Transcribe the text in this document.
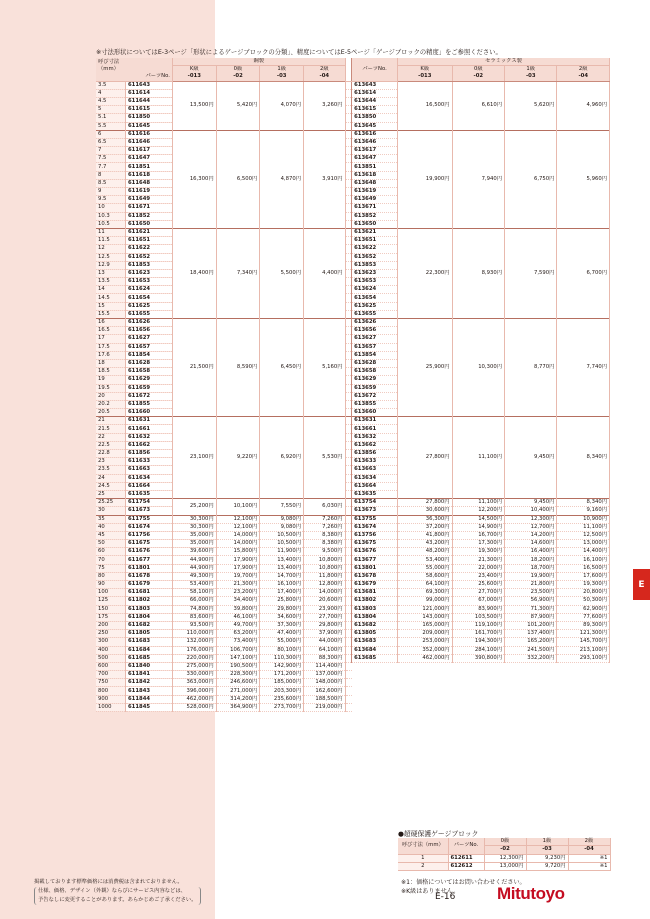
※寸法形状についてはE-3ページ「形状によるゲージブロックの分類」、精度についてはE-5ページ「ゲージブロックの精度」をご参照ください。
呼び寸法
（mm）
パーツNo.		鋼製					パーツNo.	セラミックス製			
		K級	0級	1級	2級			K級	0級	1級	2級
		-013	-02	-03	-04			-013	-02	-03	-04
3.5	611643	13,500円	5,420円	4,070円	3,260円		613643	16,500円	6,610円	5,620円	4,960円
4	611614						613614				
4.5	611644						613644				
5	611615						613615				
5.1	611850						613850				
5.5	611645						613645				
6	611616	16,300円	6,500円	4,870円	3,910円		613616	19,900円	7,940円	6,750円	5,960円
6.5	611646						613646				
7	611617						613617				
7.5	611647						613647				
7.7	611851						613851				
8	611618						613618				
8.5	611648						613648				
9	611619						613619				
9.5	611649						613649				
10	611671						613671				
10.3	611852						613852				
10.5	611650						613650				
11	611621	18,400円	7,340円	5,500円	4,400円		613621	22,300円	8,930円	7,590円	6,700円
11.5	611651						613651				
12	611622						613622				
12.5	611652						613652				
12.9	611853						613853				
13	611623						613623				
13.5	611653						613653				
14	611624						613624				
14.5	611654						613654				
15	611625						613625				
15.5	611655						613655				
16	611626	21,500円	8,590円	6,450円	5,160円		613626	25,900円	10,300円	8,770円	7,740円
16.5	611656						613656				
17	611627						613627				
17.5	611657						613657				
17.6	611854						613854				
18	611628						613628				
18.5	611658						613658				
19	611629						613629				
19.5	611659						613659				
20	611672						613672				
20.2	611855						613855				
20.5	611660						613660				
21	611631	23,100円	9,220円	6,920円	5,530円		613631	27,800円	11,100円	9,450円	8,340円
21.5	611661						613661				
22	611632						613632				
22.5	611662						613662				
22.8	611856						613856				
23	611633						613633				
23.5	611663						613663				
24	611634						613634				
24.5	611664						613664				
25	611635						613635				
25.25	611754	25,200円	10,100円	7,550円	6,030円		613754	27,800円	11,100円	9,450円	8,340円
30	611673						613673	30,600円	12,200円	10,400円	9,160円
35	611755	30,300円	12,100円	9,080円	7,260円		613755	36,300円	14,500円	12,300円	10,900円
40	611674	30,300円	12,100円	9,080円	7,260円		613674	37,200円	14,900円	12,700円	11,100円
45	611756	35,000円	14,000円	10,500円	8,380円		613756	41,800円	16,700円	14,200円	12,500円
50	611675	35,000円	14,000円	10,500円	8,380円		613675	43,200円	17,300円	14,600円	13,000円
60	611676	39,600円	15,800円	11,900円	9,500円		613676	48,200円	19,300円	16,400円	14,400円
70	611677	44,900円	17,900円	13,400円	10,800円		613677	53,400円	21,300円	18,200円	16,100円
75	611801	44,900円	17,900円	13,400円	10,800円		613801	55,000円	22,000円	18,700円	16,500円
80	611678	49,300円	19,700円	14,700円	11,800円		613678	58,600円	23,400円	19,900円	17,600円
90	611679	53,400円	21,300円	16,100円	12,800円		613679	64,100円	25,600円	21,800円	19,300円
100	611681	58,100円	23,200円	17,400円	14,000円		613681	69,300円	27,700円	23,500円	20,800円
125	611802	66,000円	34,400円	25,800円	20,600円		613802	99,000円	67,000円	56,900円	50,300円
150	611803	74,800円	39,800円	29,800円	23,900円		613803	121,000円	83,900円	71,300円	62,900円
175	611804	83,600円	46,100円	34,600円	27,700円		613804	143,000円	103,500円	87,900円	77,600円
200	611682	93,500円	49,700円	37,300円	29,800円		613682	165,000円	119,100円	101,200円	89,300円
250	611805	110,000円	63,200円	47,400円	37,900円		613805	209,000円	161,700円	137,400円	121,300円
300	611683	132,000円	73,400円	55,000円	44,000円		613683	253,000円	194,300円	165,200円	145,700円
400	611684	176,000円	106,700円	80,100円	64,100円		613684	352,000円	284,100円	241,500円	213,100円
500	611685	220,000円	147,100円	110,300円	88,300円		613685	462,000円	390,800円	332,200円	293,100円
600	611840	275,000円	190,500円	142,900円	114,400円						
700	611841	330,000円	228,300円	171,200円	137,000円						
750	611842	363,000円	246,600円	185,000円	148,000円						
800	611843	396,000円	271,000円	203,300円	162,600円						
900	611844	462,000円	314,200円	235,600円	188,500円						
1000	611845	528,000円	364,900円	273,700円	219,000円						
●超硬保護ゲージブロック
呼び寸法（mm）	パーツNo.	0級	1級	2級
		-02	-03	-04
1	612611	12,300円	9,230円	※1
2	612612	13,000円	9,720円	※1
※1：価格についてはお問い合わせください。
※K級はありません。
掲載しております標準価格には消費税は含まれておりません。
仕様、価格、デザイン（外観）ならびにサービス内容などは、
予告なしに変更することがあります。あらかじめご了承ください。
E
E-16 Mitutoyo
